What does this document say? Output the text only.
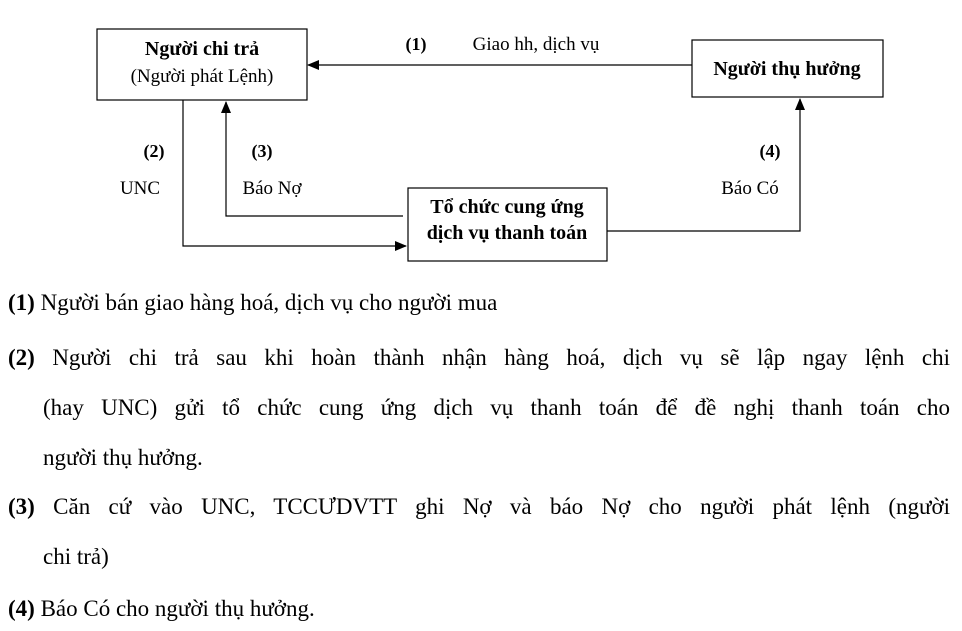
Người chi trả
(Người phát Lệnh)	Người thụ hưởng
Tổ chức cung ứng
dịch vụ thanh toán
(1) Giao hh, dịch vụ
(2)
UNC
(3)
Báo Nợ
(4)
Báo Có
(1) Người bán giao hàng hoá, dịch vụ cho người mua
(2) Người chi trả sau khi hoàn thành nhận hàng hoá, dịch vụ sẽ lập ngay lệnh chi
(hay UNC) gửi tổ chức cung ứng dịch vụ thanh toán để đề nghị thanh toán cho
người thụ hưởng.
(3) Căn cứ vào UNC, TCCƯDVTT ghi Nợ và báo Nợ cho người phát lệnh (người
chi trả)
(4) Báo Có cho người thụ hưởng.
